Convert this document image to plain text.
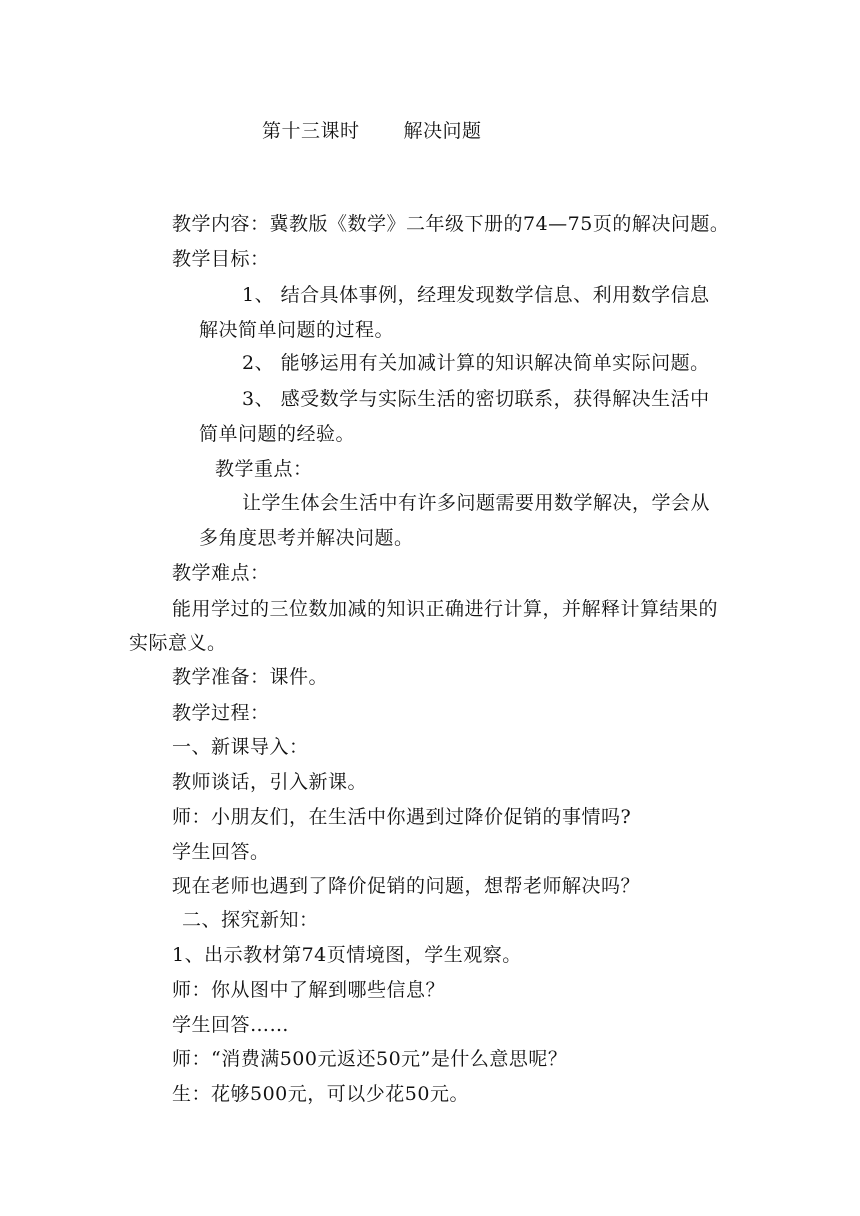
第十三课时 解决问题
教学内容：冀教版《数学》二年级下册的74—75页的解决问题。
教学目标：
1、 结合具体事例，经理发现数学信息、利用数学信息
解决简单问题的过程。
2、 能够运用有关加减计算的知识解决简单实际问题。
3、 感受数学与实际生活的密切联系，获得解决生活中
简单问题的经验。
教学重点：
让学生体会生活中有许多问题需要用数学解决，学会从
多角度思考并解决问题。
教学难点：
能用学过的三位数加减的知识正确进行计算，并解释计算结果的
实际意义。
教学准备：课件。
教学过程：
一、新课导入：
教师谈话，引入新课。
师：小朋友们，在生活中你遇到过降价促销的事情吗?
学生回答。
现在老师也遇到了降价促销的问题，想帮老师解决吗？
二、探究新知：
1、出示教材第74页情境图，学生观察。
师：你从图中了解到哪些信息？
学生回答……
师：“消费满500元返还50元”是什么意思呢？
生：花够500元，可以少花50元。
